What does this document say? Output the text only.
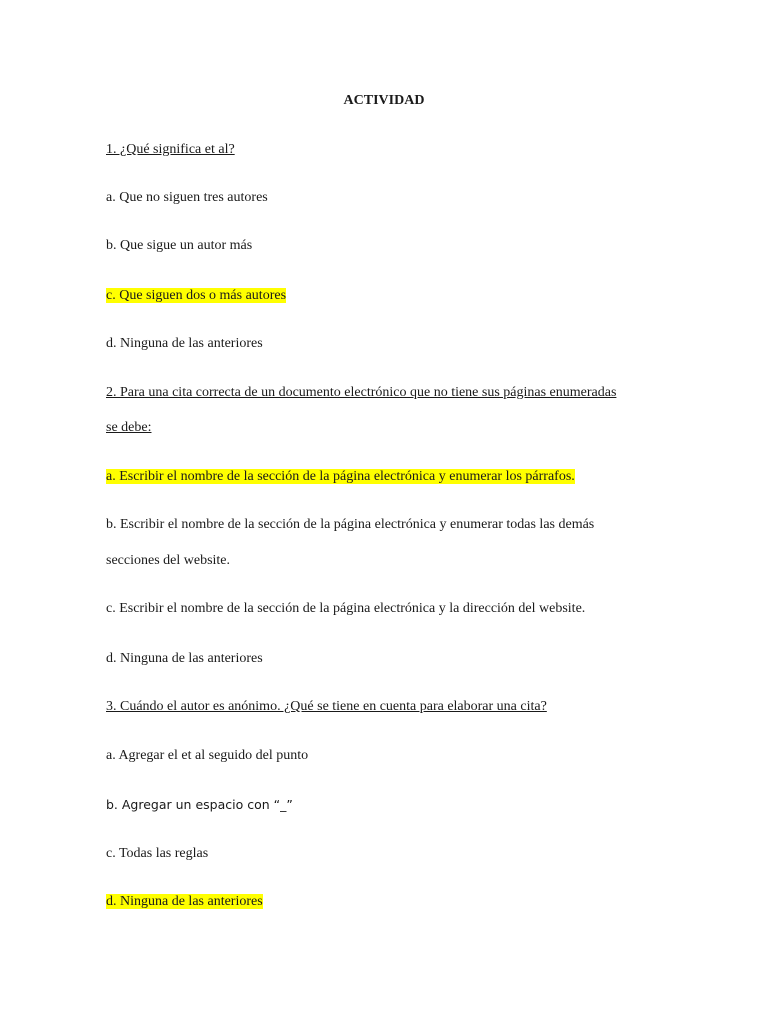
ACTIVIDAD

1. ¿Qué significa et al?

a. Que no siguen tres autores

b. Que sigue un autor más

c. Que siguen dos o más autores

d. Ninguna de las anteriores

2. Para una cita correcta de un documento electrónico que no tiene sus páginas enumeradas

se debe:

a. Escribir el nombre de la sección de la página electrónica y enumerar los párrafos.

b. Escribir el nombre de la sección de la página electrónica y enumerar todas las demás

secciones del website.

c. Escribir el nombre de la sección de la página electrónica y la dirección del website.

d. Ninguna de las anteriores

3. Cuándo el autor es anónimo. ¿Qué se tiene en cuenta para elaborar una cita?

a. Agregar el et al seguido del punto

b. Agregar un espacio con “_”

c. Todas las reglas

d. Ninguna de las anteriores
